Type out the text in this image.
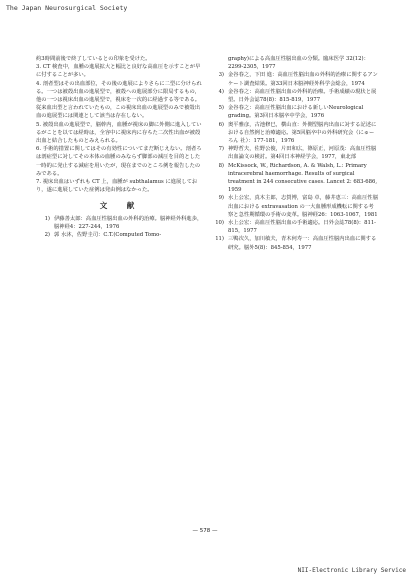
The Japan Neurosurgical Society

約3時間前後で終了しているとの印象を受けた。

3. CT 検査中，血腫の進展拡大と幅比と良好な高血圧を示すことが早に付することが多い。

4. 剖者型はその出血部位，その後の進展によりさらに二型に分けられる。一つは被殻出血の進展型で，被殻への進展部分に限局するもの，他の一つは視床出血の進展型で，視床を一次的に経過する等である。従来血出型と言われていたもの，この視床出血の進展型のみで被殻出血の進展型には関連として該当は存在しない。

5. 被殻出血の進展型で，脳幹内，血腫が視床の脚に外側に進入しているがことを以ては経時は，全容中に視床内に存ちた二次性出血が被殻出血と結合したものとみえられる。

6. 手術的措置に関してはその有効性についてまだ断じえない。剖者ろは剖症型に対してその本体の血腫のみならず脚部の減圧を目的とした一時的に発止する減症を用いたが，現在までのところ例を報告したのみである。

7. 視床出血はいずれも CT 上，血腫が subthalamus に進展しており，遂に進展していた症例は発由例はなかった。

文　献
1) 伊藤善太郎：高血圧性脳出血の外科的治療。脳神経外科進歩，脳神経4：227-244，1976
2) 郭 水沐，佐野圭司：C.T.(Computed Tomo-
graphy)による高血圧性脳出血の分類。臨床医学 32(12)：2299-2305，1977
3) 金谷春之，下田 進：高血圧性脳出血の外科的治療に関するアンケート調査結果。第33回日本脳神経外科学会総会，1974
4) 金谷春之：高血圧性脳出血の外科的治療。手術成績の現状と展望。日外会誌78(8)：815-819，1977
5) 金谷春之：高血圧性脳出血における新しいNeurological grading。第3回日本脳卒中学会，1976
6) 奥平雅彦，古池修巳，横山直：外側型脳内出血に対する記述における自然例と治療適応。第5回脳卒中の外科研究会（にゅーろん 社）：177-181，1976
7) 神野哲夫，佐野公俊，片田和広，篠原正，河原茂：高血圧性脳出血論文の検討。第4回日本神経学会，1977，東北部
8) McKissock, W., Richardson, A. & Walsh, L.: Primary intracerebral haemorrhage. Results of surgical treatment in 244 consecutive cases. Lancet 2: 683-686, 1959
9) 水上公宏，真木主郎，志賀博，富島 卓，藤井恵三：高血圧性脳出血における extravasation の一大血腫形成機転に関する考察と急性期循環の手術の変革。脳神経26：1063-1067，1981
10) 水上公宏：高血圧性脳出血の手術適応。日外会誌78(8)：811-815，1977
11) 三鴨次久，加川敏夫，青木何寿一：高血圧性脳内出血に関する研究。脳外5(8)：845-854，1977
— 578 —
NII-Electronic Library Service
